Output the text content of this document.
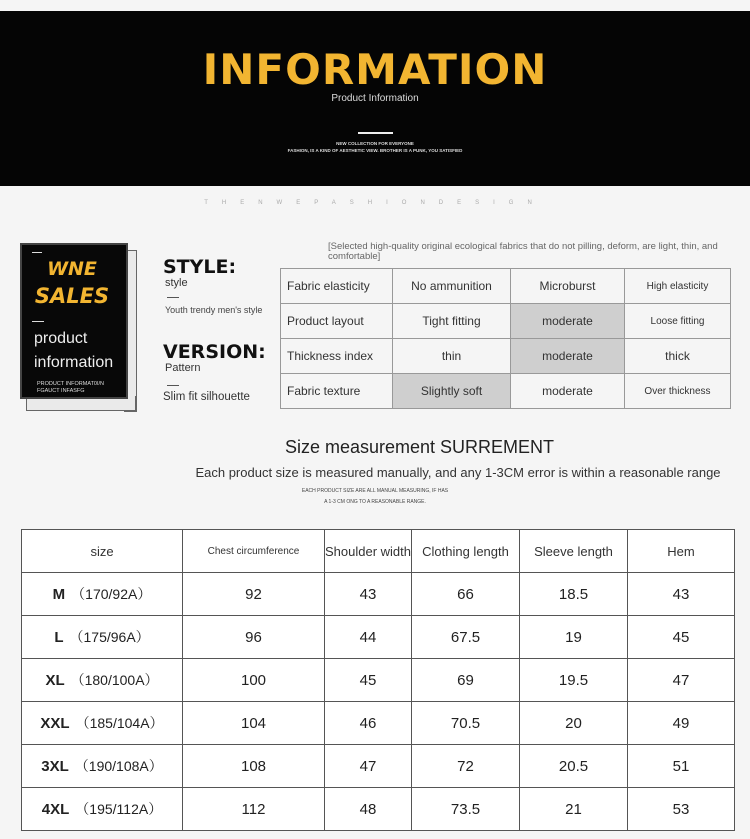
INFORMATION
Product Information
NEW COLLECTION FOR EVERYONE
FASHION, IS A KIND OF AESTHETIC VIEW. BROTHER IS A PUNK, YOU SATISFIED
THENWEPASHIONDESIGN
WNE
SALES
product
information
PRODUCT INFORMAT0I/N
FGAUCT INFASFG
STYLE:
style
Youth trendy men's style
VERSION:
Pattern
Slim fit silhouette
[Selected high-quality original ecological fabrics that do not pilling, deform, are light, thin, and comfortable]
Fabric elasticity	No ammunition	Microburst	High elasticity
Product layout	Tight fitting	moderate	Loose fitting
Thickness index	thin	moderate	thick
Fabric texture	Slightly soft	moderate	Over thickness
Size measurement SURREMENT
Each product size is measured manually, and any 1-3CM error is within a reasonable range
EACH PRODUCT SIZE ARE ALL MANUAL MEASURING, IF HAS
A 1-3 CM ONG TO A REASONABLE RANGE.
size	Chest circumference	Shoulder width	Clothing length	Sleeve length	Hem
M （170/92A）	92	43	66	18.5	43
L （175/96A）	96	44	67.5	19	45
XL （180/100A）	100	45	69	19.5	47
XXL （185/104A）	104	46	70.5	20	49
3XL （190/108A）	108	47	72	20.5	51
4XL （195/112A）	112	48	73.5	21	53
